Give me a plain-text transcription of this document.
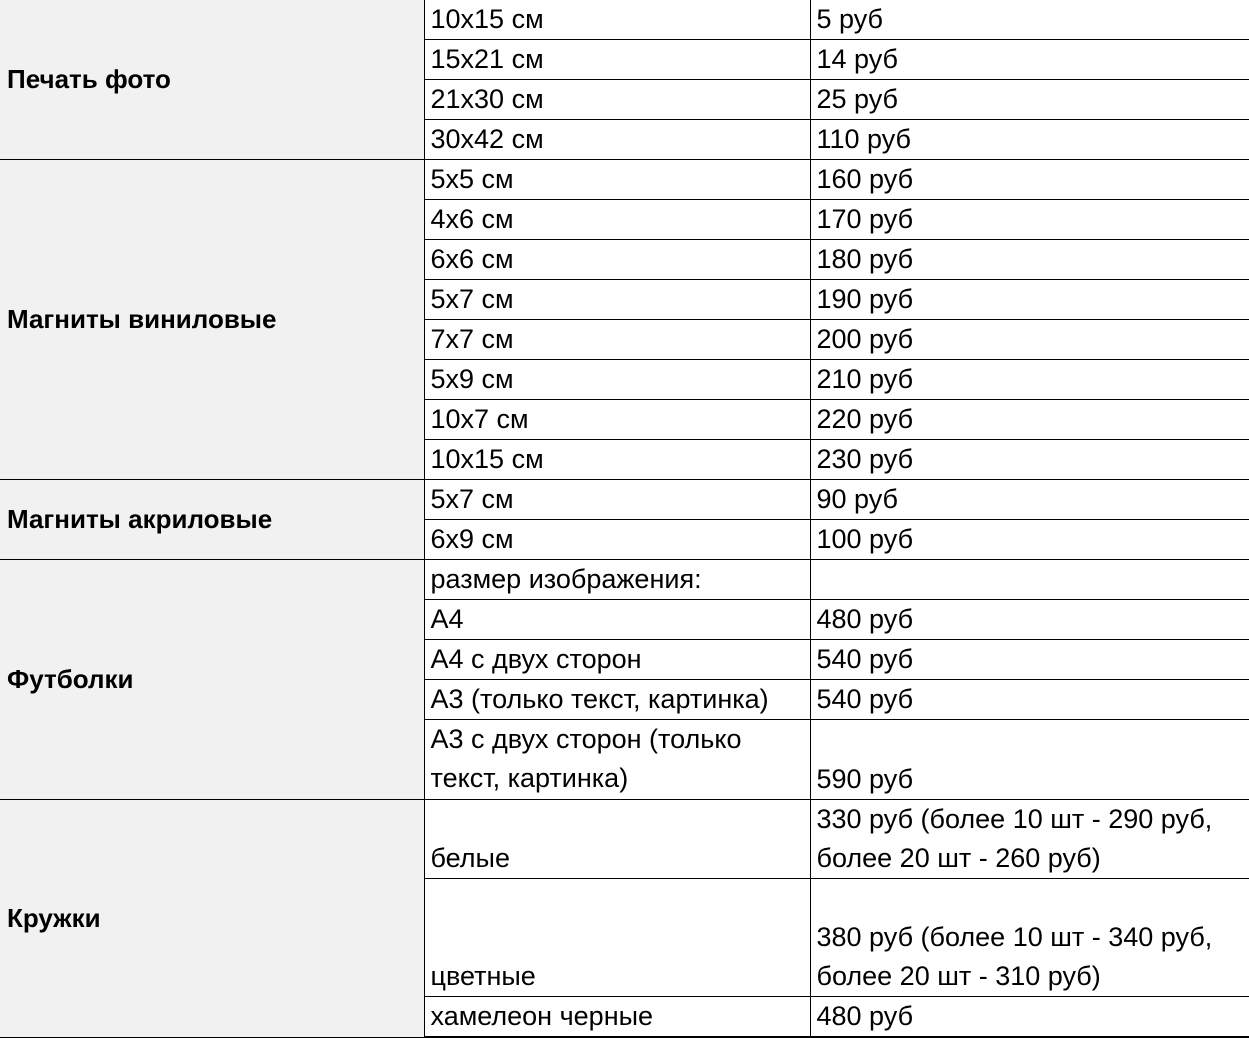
Печать фото	10x15 см	5 руб
	15x21 см	14 руб
	21x30 см	25 руб
	30x42 см	110 руб
Магниты виниловые	5x5 см	160 руб
	4x6 см	170 руб
	6x6 см	180 руб
	5x7 см	190 руб
	7x7 см	200 руб
	5x9 см	210 руб
	10x7 см	220 руб
	10x15 см	230 руб
Магниты акриловые	5x7 см	90 руб
	6x9 см	100 руб
Футболки	размер изображения:	
	А4	480 руб
	А4 с двух сторон	540 руб
	А3 (только текст, картинка)	540 руб
	А3 с двух сторон (только текст, картинка)	590 руб
Кружки	белые	330 руб (более 10 шт - 290 руб, более 20 шт - 260 руб)
	цветные	380 руб (более 10 шт - 340 руб, более 20 шт - 310 руб)
	хамелеон черные	480 руб
